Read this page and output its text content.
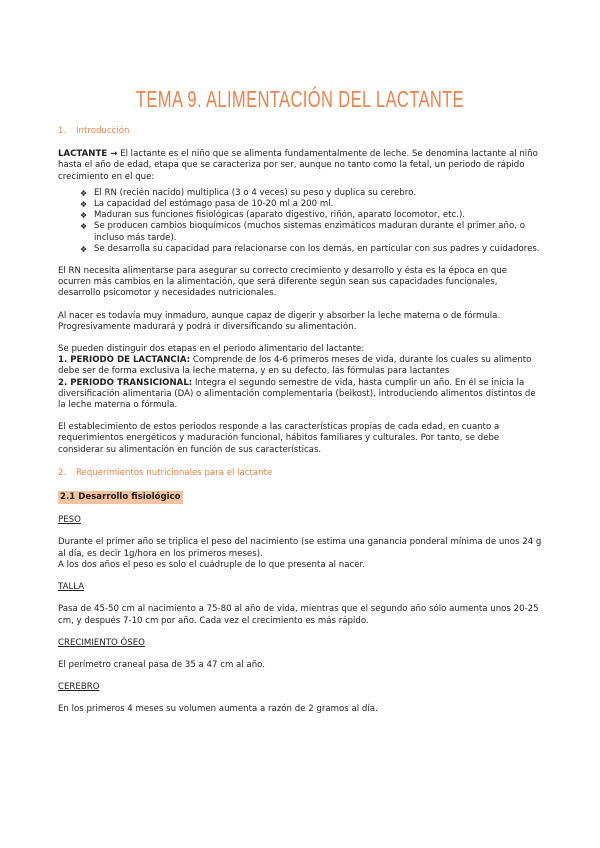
TEMA 9. ALIMENTACIÓN DEL LACTANTE

1. Introducción

LACTANTE → El lactante es el niño que se alimenta fundamentalmente de leche. Se denomina lactante al niño hasta el año de edad, etapa que se caracteriza por ser, aunque no tanto como la fetal, un periodo de rápido crecimiento en el que:

❖ El RN (recién nacido) multiplica (3 o 4 veces) su peso y duplica su cerebro.
❖ La capacidad del estómago pasa de 10-20 ml a 200 ml.
❖ Maduran sus funciones fisiológicas (aparato digestivo, riñón, aparato locomotor, etc.).
❖ Se producen cambios bioquímicos (muchos sistemas enzimáticos maduran durante el primer año, o incluso más tarde).
❖ Se desarrolla su capacidad para relacionarse con los demás, en particular con sus padres y cuidadores.

El RN necesita alimentarse para asegurar su correcto crecimiento y desarrollo y ésta es la época en que ocurren más cambios en la alimentación, que será diferente según sean sus capacidades funcionales, desarrollo psicomotor y necesidades nutricionales.

Al nacer es todavía muy inmaduro, aunque capaz de digerir y absorber la leche materna o de fórmula. Progresivamente madurará y podrá ir diversificando su alimentación.

Se pueden distinguir dos etapas en el periodo alimentario del lactante:

1. PERIODO DE LACTANCIA: Comprende de los 4-6 primeros meses de vida, durante los cuales su alimento debe ser de forma exclusiva la leche materna, y en su defecto, las fórmulas para lactantes

2. PERIODO TRANSICIONAL: Integra el segundo semestre de vida, hasta cumplir un año. En él se inicia la diversificación alimentaria (DA) o alimentación complementaria (beikost), introduciendo alimentos distintos de la leche materna o fórmula.

El establecimiento de estos periodos responde a las características propias de cada edad, en cuanto a requerimientos energéticos y maduración funcional, hábitos familiares y culturales. Por tanto, se debe considerar su alimentación en función de sus características.

2. Requerimientos nutricionales para el lactante

2.1 Desarrollo fisiológico

PESO

Durante el primer año se triplica el peso del nacimiento (se estima una ganancia ponderal mínima de unos 24 g al día, es decir 1g/hora en los primeros meses).

A los dos años el peso es solo el cuádruple de lo que presenta al nacer.

TALLA

Pasa de 45-50 cm al nacimiento a 75-80 al año de vida, mientras que el segundo año sólo aumenta unos 20-25 cm, y después 7-10 cm por año. Cada vez el crecimiento es más rápido.

CRECIMIENTO ÓSEO

El perímetro craneal pasa de 35 a 47 cm al año.

CEREBRO

En los primeros 4 meses su volumen aumenta a razón de 2 gramos al día.
